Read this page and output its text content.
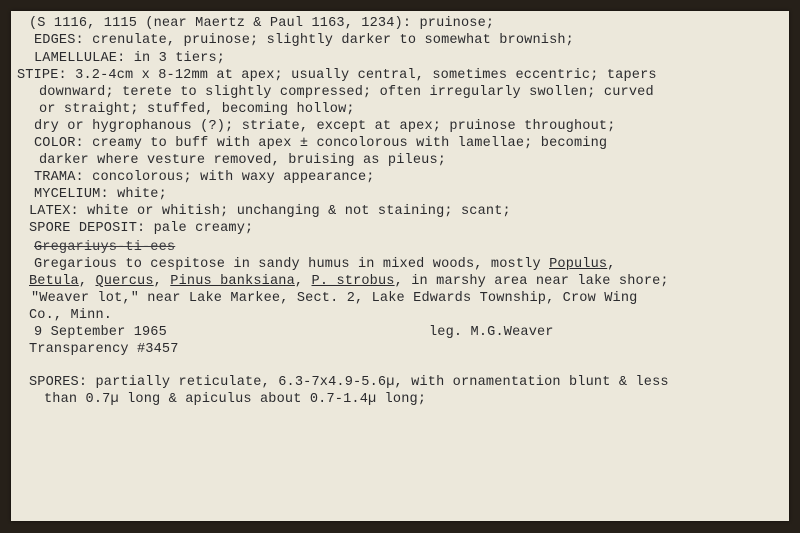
(S 1116, 1115 (near Maertz & Paul 1163, 1234): pruinose;
EDGES: crenulate, pruinose; slightly darker to somewhat brownish;
LAMELLULAE: in 3 tiers;
STIPE: 3.2-4cm x 8-12mm at apex; usually central, sometimes eccentric; tapers
downward; terete to slightly compressed; often irregularly swollen; curved
or straight; stuffed, becoming hollow;
dry or hygrophanous (?); striate, except at apex; pruinose throughout;
COLOR: creamy to buff with apex ± concolorous with lamellae; becoming
darker where vesture removed, bruising as pileus;
TRAMA: concolorous; with waxy appearance;
MYCELIUM: white;
LATEX: white or whitish; unchanging & not staining; scant;
SPORE DEPOSIT: pale creamy;
Gregariuys-ti-ees
Gregarious to cespitose in sandy humus in mixed woods, mostly Populus,
Betula, Quercus, Pinus banksiana, P. strobus, in marshy area near lake shore;
"Weaver lot," near Lake Markee, Sect. 2, Lake Edwards Township, Crow Wing
Co., Minn.
9 September 1965	leg. M.G.Weaver
Transparency #3457
SPORES: partially reticulate, 6.3-7x4.9-5.6µ, with ornamentation blunt & less
than 0.7µ long & apiculus about 0.7-1.4µ long;
